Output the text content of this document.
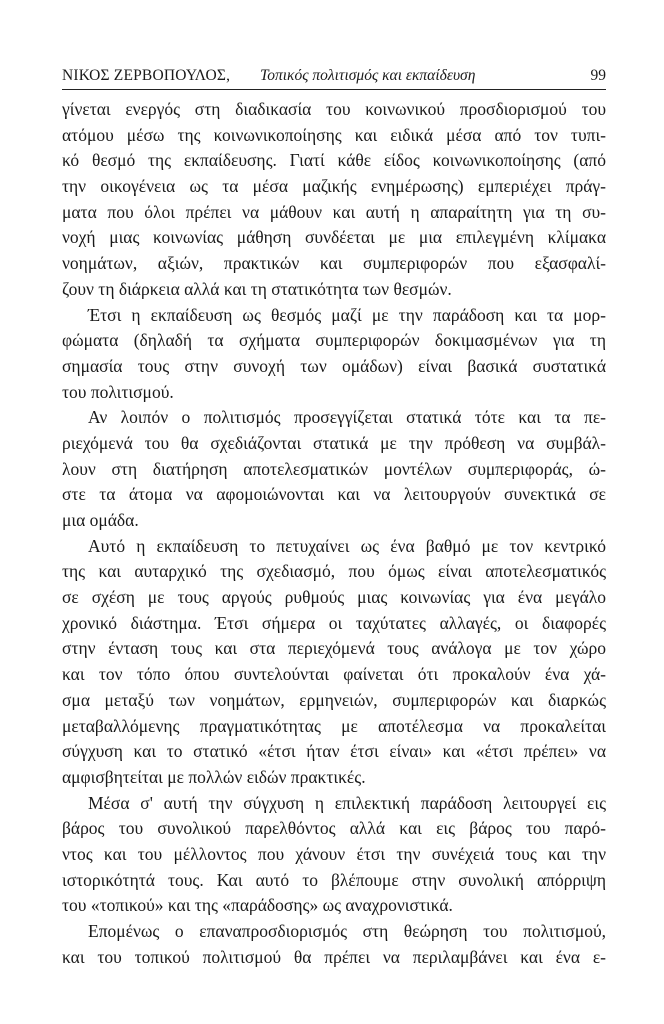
ΝΙΚΟΣ ΖΕΡΒΟΠΟΥΛΟΣ, Τοπικός πολιτισμός και εκπαίδευση	99

γίνεται ενεργός στη διαδικασία του κοινωνικού προσδιορισμού του
ατόμου μέσω της κοινωνικοποίησης και ειδικά μέσα από τον τυπι-
κό θεσμό της εκπαίδευσης. Γιατί κάθε είδος κοινωνικοποίησης (από
την οικογένεια ως τα μέσα μαζικής ενημέρωσης) εμπεριέχει πράγ-
ματα που όλοι πρέπει να μάθουν και αυτή η απαραίτητη για τη συ-
νοχή μιας κοινωνίας μάθηση συνδέεται με μια επιλεγμένη κλίμακα
νοημάτων, αξιών, πρακτικών και συμπεριφορών που εξασφαλί-
ζουν τη διάρκεια αλλά και τη στατικότητα των θεσμών.

Έτσι η εκπαίδευση ως θεσμός μαζί με την παράδοση και τα μορ-
φώματα (δηλαδή τα σχήματα συμπεριφορών δοκιμασμένων για τη
σημασία τους στην συνοχή των ομάδων) είναι βασικά συστατικά
του πολιτισμού.

Αν λοιπόν ο πολιτισμός προσεγγίζεται στατικά τότε και τα πε-
ριεχόμενά του θα σχεδιάζονται στατικά με την πρόθεση να συμβάλ-
λουν στη διατήρηση αποτελεσματικών μοντέλων συμπεριφοράς, ώ-
στε τα άτομα να αφομοιώνονται και να λειτουργούν συνεκτικά σε
μια ομάδα.

Αυτό η εκπαίδευση το πετυχαίνει ως ένα βαθμό με τον κεντρικό
της και αυταρχικό της σχεδιασμό, που όμως είναι αποτελεσματικός
σε σχέση με τους αργούς ρυθμούς μιας κοινωνίας για ένα μεγάλο
χρονικό διάστημα. Έτσι σήμερα οι ταχύτατες αλλαγές, οι διαφορές
στην ένταση τους και στα περιεχόμενά τους ανάλογα με τον χώρο
και τον τόπο όπου συντελούνται φαίνεται ότι προκαλούν ένα χά-
σμα μεταξύ των νοημάτων, ερμηνειών, συμπεριφορών και διαρκώς
μεταβαλλόμενης πραγματικότητας με αποτέλεσμα να προκαλείται
σύγχυση και το στατικό «έτσι ήταν έτσι είναι» και «έτσι πρέπει» να
αμφισβητείται με πολλών ειδών πρακτικές.

Μέσα σ' αυτή την σύγχυση η επιλεκτική παράδοση λειτουργεί εις
βάρος του συνολικού παρελθόντος αλλά και εις βάρος του παρό-
ντος και του μέλλοντος που χάνουν έτσι την συνέχειά τους και την
ιστορικότητά τους. Και αυτό το βλέπουμε στην συνολική απόρριψη
του «τοπικού» και της «παράδοσης» ως αναχρονιστικά.

Επομένως ο επαναπροσδιορισμός στη θεώρηση του πολιτισμού,
και του τοπικού πολιτισμού θα πρέπει να περιλαμβάνει και ένα ε-
